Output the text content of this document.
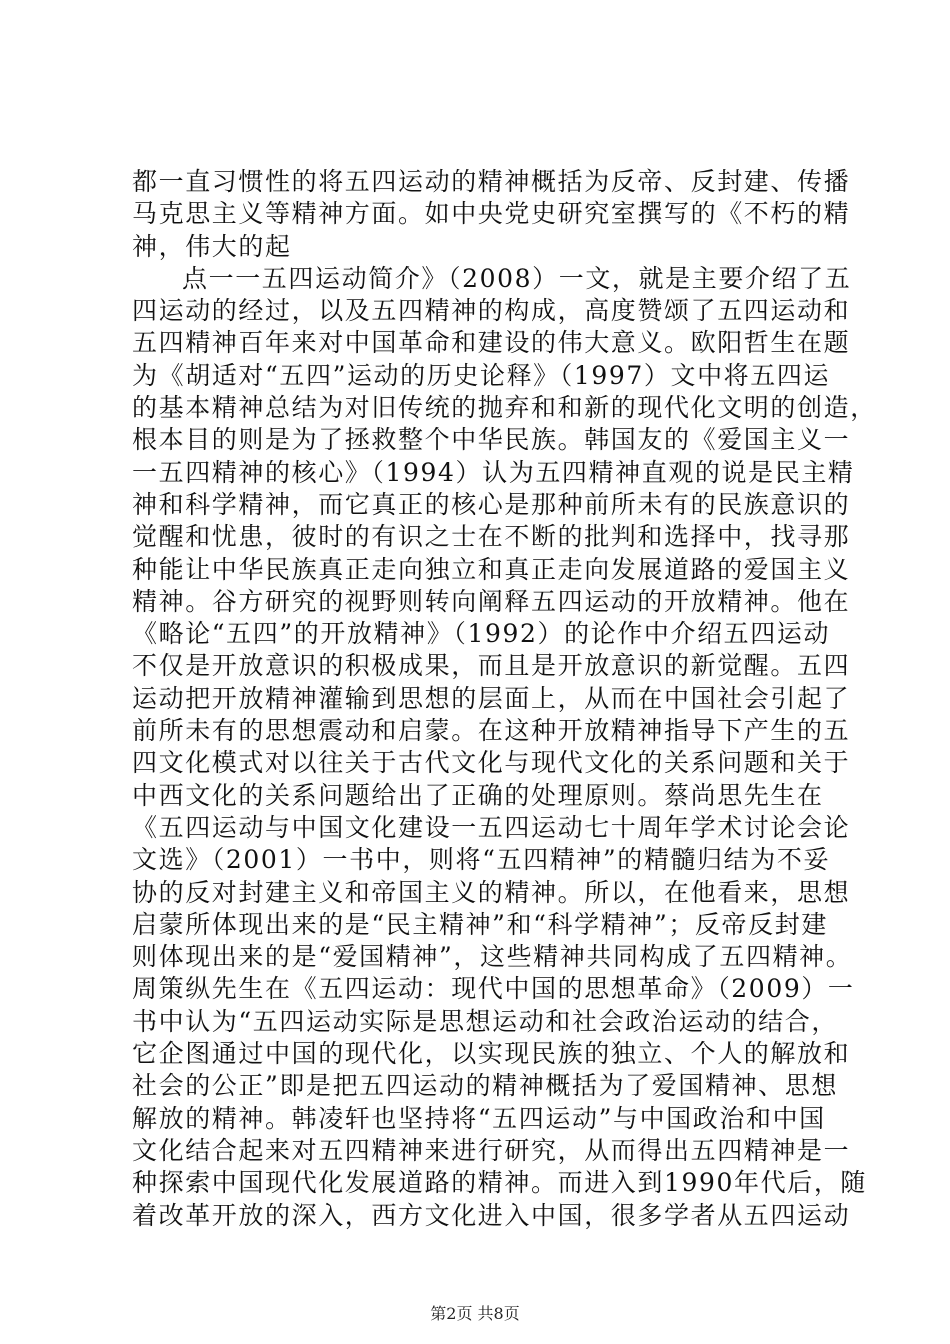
都一直习惯性的将五四运动的精神概括为反帝、反封建、传播
马克思主义等精神方面。如中央党史研究室撰写的《不朽的精
神，伟大的起
点一一五四运动简介》（2008）一文，就是主要介绍了五
四运动的经过，以及五四精神的构成，高度赞颂了五四运动和
五四精神百年来对中国革命和建设的伟大意义。欧阳哲生在题
为《胡适对“五四”运动的历史论释》（1997）文中将五四运
的基本精神总结为对旧传统的抛弃和和新的现代化文明的创造，
根本目的则是为了拯救整个中华民族。韩国友的《爱国主义一
一五四精神的核心》（1994）认为五四精神直观的说是民主精
神和科学精神，而它真正的核心是那种前所未有的民族意识的
觉醒和忧患，彼时的有识之士在不断的批判和选择中，找寻那
种能让中华民族真正走向独立和真正走向发展道路的爱国主义
精神。谷方研究的视野则转向阐释五四运动的开放精神。他在
《略论“五四”的开放精神》（1992）的论作中介绍五四运动
不仅是开放意识的积极成果，而且是开放意识的新觉醒。五四
运动把开放精神灌输到思想的层面上，从而在中国社会引起了
前所未有的思想震动和启蒙。在这种开放精神指导下产生的五
四文化模式对以往关于古代文化与现代文化的关系问题和关于
中西文化的关系问题给出了正确的处理原则。蔡尚思先生在
《五四运动与中国文化建设一五四运动七十周年学术讨论会论
文选》（2001）一书中，则将“五四精神”的精髓归结为不妥
协的反对封建主义和帝国主义的精神。所以，在他看来，思想
启蒙所体现出来的是“民主精神”和“科学精神”；反帝反封建
则体现出来的是“爱国精神”，这些精神共同构成了五四精神。
周策纵先生在《五四运动：现代中国的思想革命》（2009）一
书中认为“五四运动实际是思想运动和社会政治运动的结合，
它企图通过中国的现代化，以实现民族的独立、个人的解放和
社会的公正”即是把五四运动的精神概括为了爱国精神、思想
解放的精神。韩凌轩也坚持将“五四运动”与中国政治和中国
文化结合起来对五四精神来进行研究，从而得出五四精神是一
种探索中国现代化发展道路的精神。而进入到1990年代后，随
着改革开放的深入，西方文化进入中国，很多学者从五四运动
第2页 共8页
